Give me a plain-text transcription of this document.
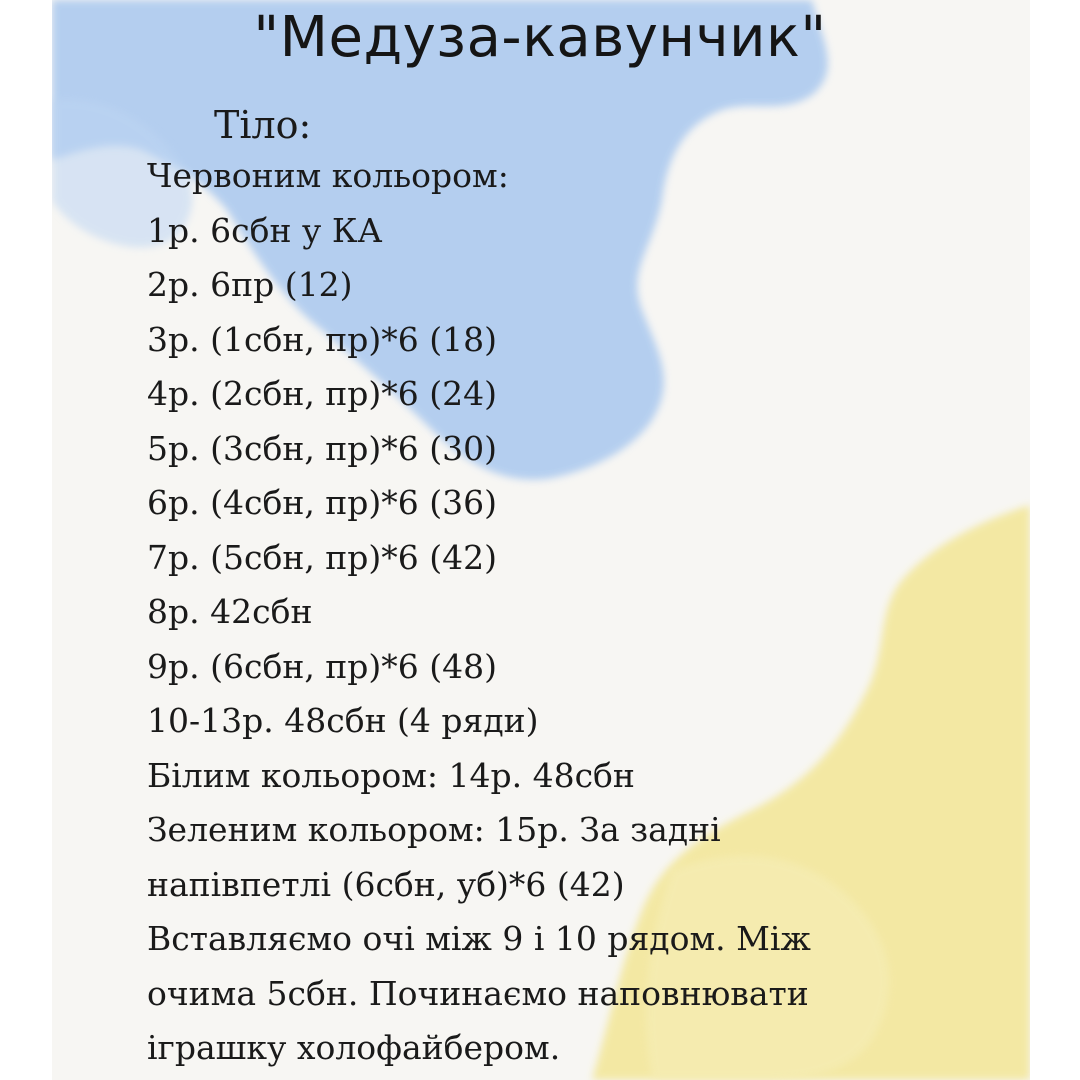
"Медуза-кавунчик"
Тіло:
Червоним кольором:
1р. 6сбн у КА
2р. 6пр (12)
3р. (1сбн, пр)*6 (18)
4р. (2сбн, пр)*6 (24)
5р. (3сбн, пр)*6 (30)
6р. (4сбн, пр)*6 (36)
7р. (5сбн, пр)*6 (42)
8р. 42сбн
9р. (6сбн, пр)*6 (48)
10-13р. 48сбн (4 ряди)
Білим кольором: 14р. 48сбн
Зеленим кольором: 15р. За задні
напівпетлі (6сбн, уб)*6 (42)
Вставляємо очі між 9 і 10 рядом. Між
очима 5сбн. Починаємо наповнювати
іграшку холофайбером.
